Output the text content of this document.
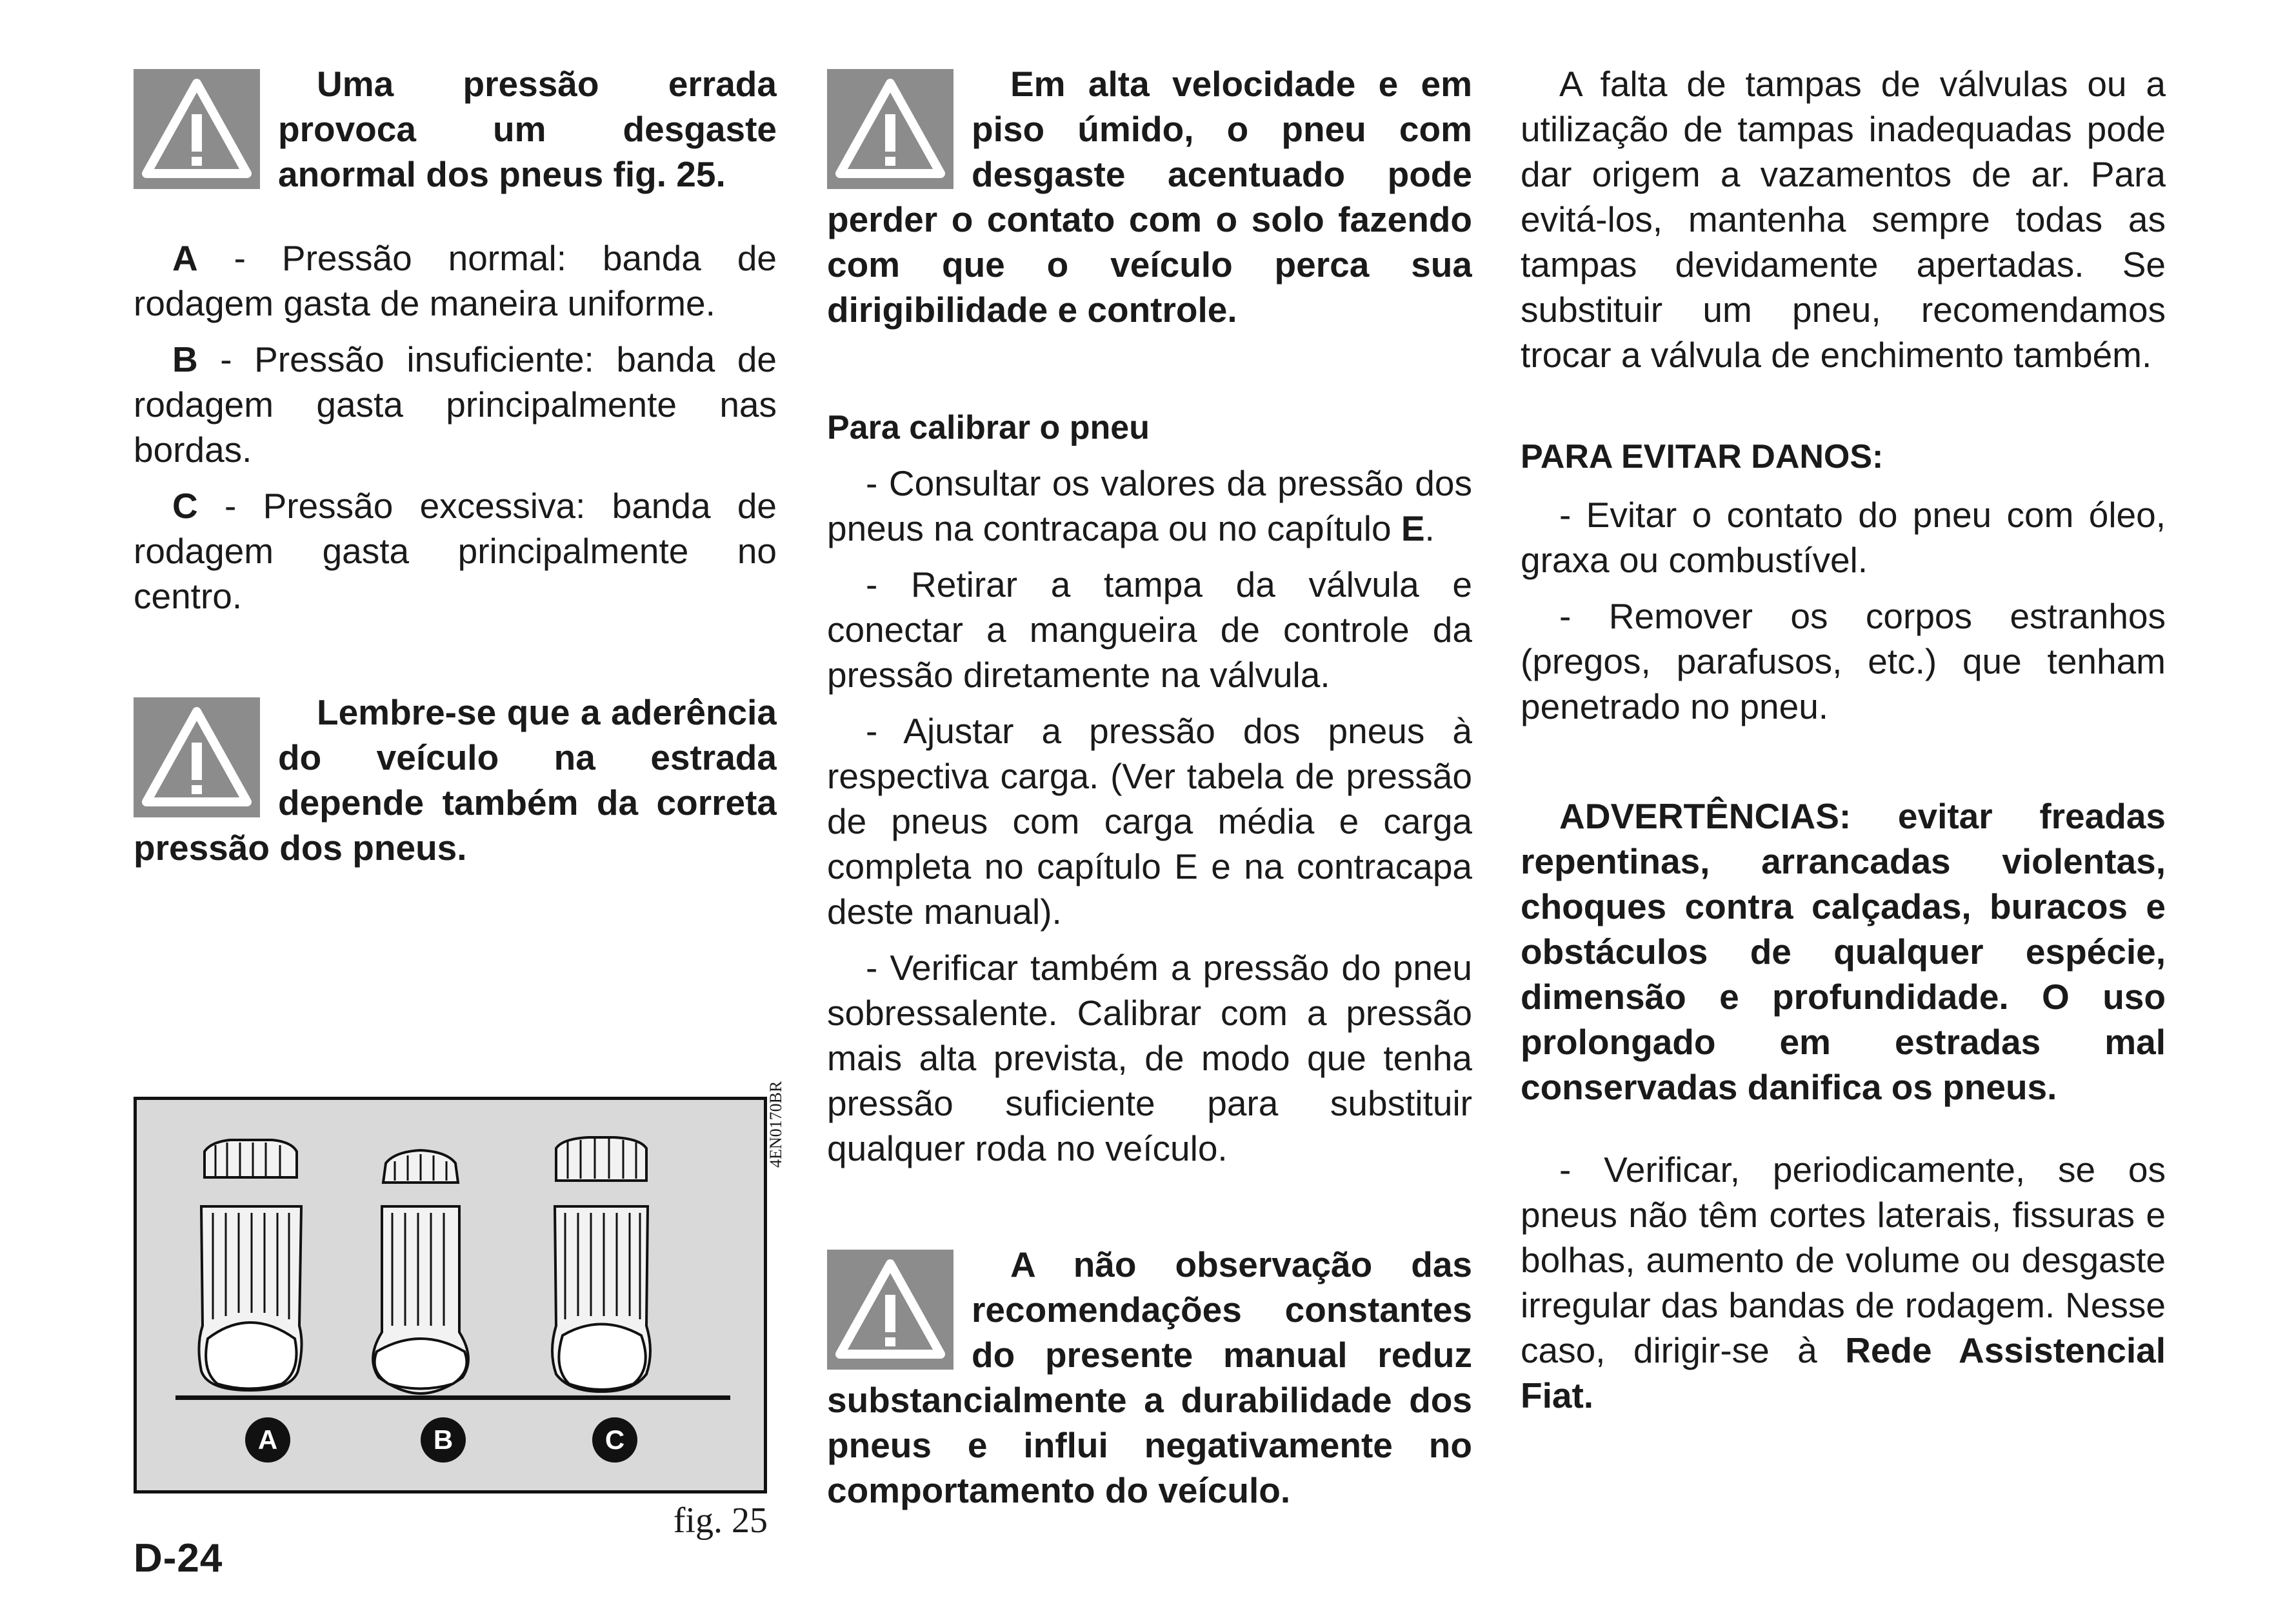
Uma pressão errada provoca um desgaste anormal dos pneus fig. 25.

A - Pressão normal: banda de rodagem gasta de maneira uniforme.

B - Pressão insuficiente: banda de rodagem gasta principalmente nas bordas.

C - Pressão excessiva: banda de rodagem gasta principalmente no centro.

Lembre-se que a aderência do veículo na estrada depende também da correta pressão dos pneus.

A	B	C
4EN0170BR
fig. 25
D-24

Em alta velocidade e em piso úmido, o pneu com desgaste acentuado pode perder o contato com o solo fazendo com que o veículo perca sua dirigibilidade e controle.

Para calibrar o pneu

- Consultar os valores da pressão dos pneus na contracapa ou no capítulo E.

- Retirar a tampa da válvula e conectar a mangueira de controle da pressão diretamente na válvula.

- Ajustar a pressão dos pneus à respectiva carga. (Ver tabela de pressão de pneus com carga média e carga completa no capítulo E e na contracapa deste manual).

- Verificar também a pressão do pneu sobressalente. Calibrar com a pressão mais alta prevista, de modo que tenha pressão suficiente para substituir qualquer roda no veículo.

A não observação das recomendações constantes do presente manual reduz substancialmente a durabilidade dos pneus e influi negativamente no comportamento do veículo.

A falta de tampas de válvulas ou a utilização de tampas inadequadas pode dar origem a vazamentos de ar. Para evitá-los, mantenha sempre todas as tampas devidamente apertadas. Se substituir um pneu, recomendamos trocar a válvula de enchimento também.

PARA EVITAR DANOS:

- Evitar o contato do pneu com óleo, graxa ou combustível.

- Remover os corpos estranhos (pregos, parafusos, etc.) que tenham penetrado no pneu.

ADVERTÊNCIAS: evitar freadas repentinas, arrancadas violentas, choques contra calçadas, buracos e obstáculos de qualquer espécie, dimensão e profundidade. O uso prolongado em estradas mal conservadas danifica os pneus.

- Verificar, periodicamente, se os pneus não têm cortes laterais, fissuras e bolhas, aumento de volume ou desgaste irregular das bandas de rodagem. Nesse caso, dirigir-se à Rede Assistencial Fiat.
